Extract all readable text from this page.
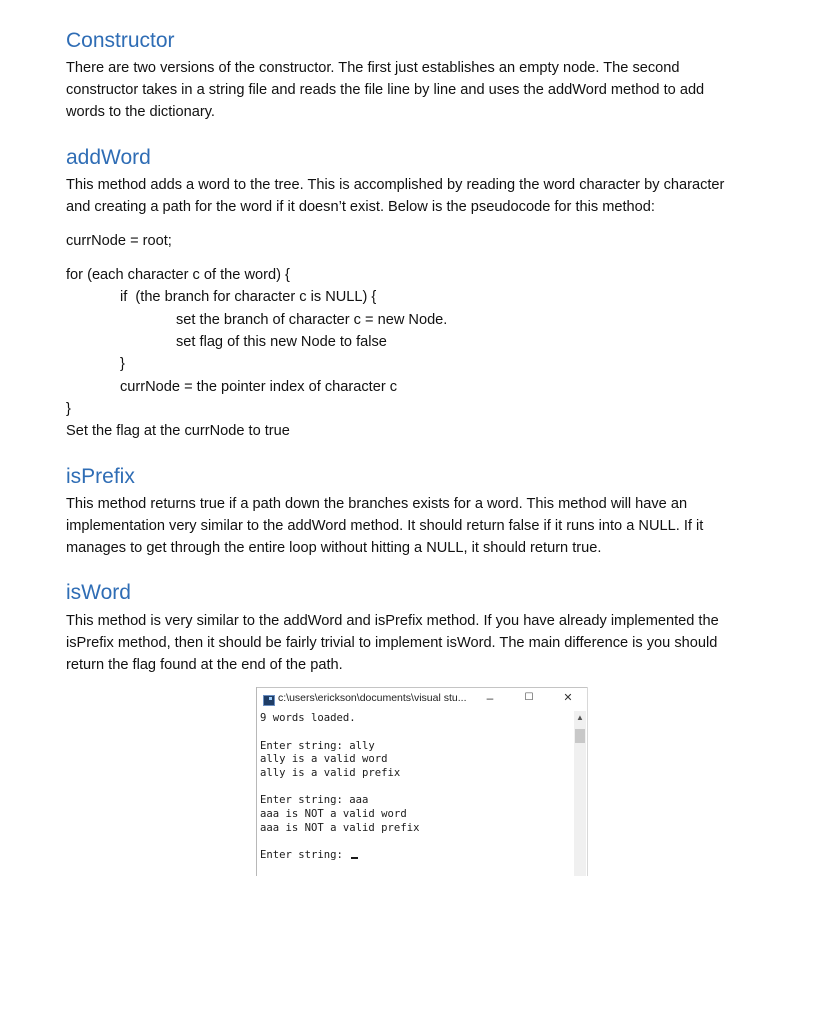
Constructor

There are two versions of the constructor. The first just establishes an empty node. The second
constructor takes in a string file and reads the file line by line and uses the addWord method to add
words to the dictionary.

addWord

This method adds a word to the tree. This is accomplished by reading the word character by character
and creating a path for the word if it doesn’t exist. Below is the pseudocode for this method:

currNode = root;

for (each character c of the word) {

if  (the branch for character c is NULL) {

set the branch of character c = new Node.

set flag of this new Node to false

}

currNode = the pointer index of character c

}

Set the flag at the currNode to true

isPrefix

This method returns true if a path down the branches exists for a word. This method will have an
implementation very similar to the addWord method. It should return false if it runs into a NULL. If it
manages to get through the entire loop without hitting a NULL, it should return true.

isWord

This method is very similar to the addWord and isPrefix method. If you have already implemented the
isPrefix method, then it should be fairly trivial to implement isWord. The main difference is you should
return the flag found at the end of the path.

c:\users\erickson\documents\visual stu...	–	☐	✕
9 words loaded.
Enter string: ally
ally is a valid word
ally is a valid prefix
Enter string: aaa
aaa is NOT a valid word
aaa is NOT a valid prefix
Enter string:
▲
